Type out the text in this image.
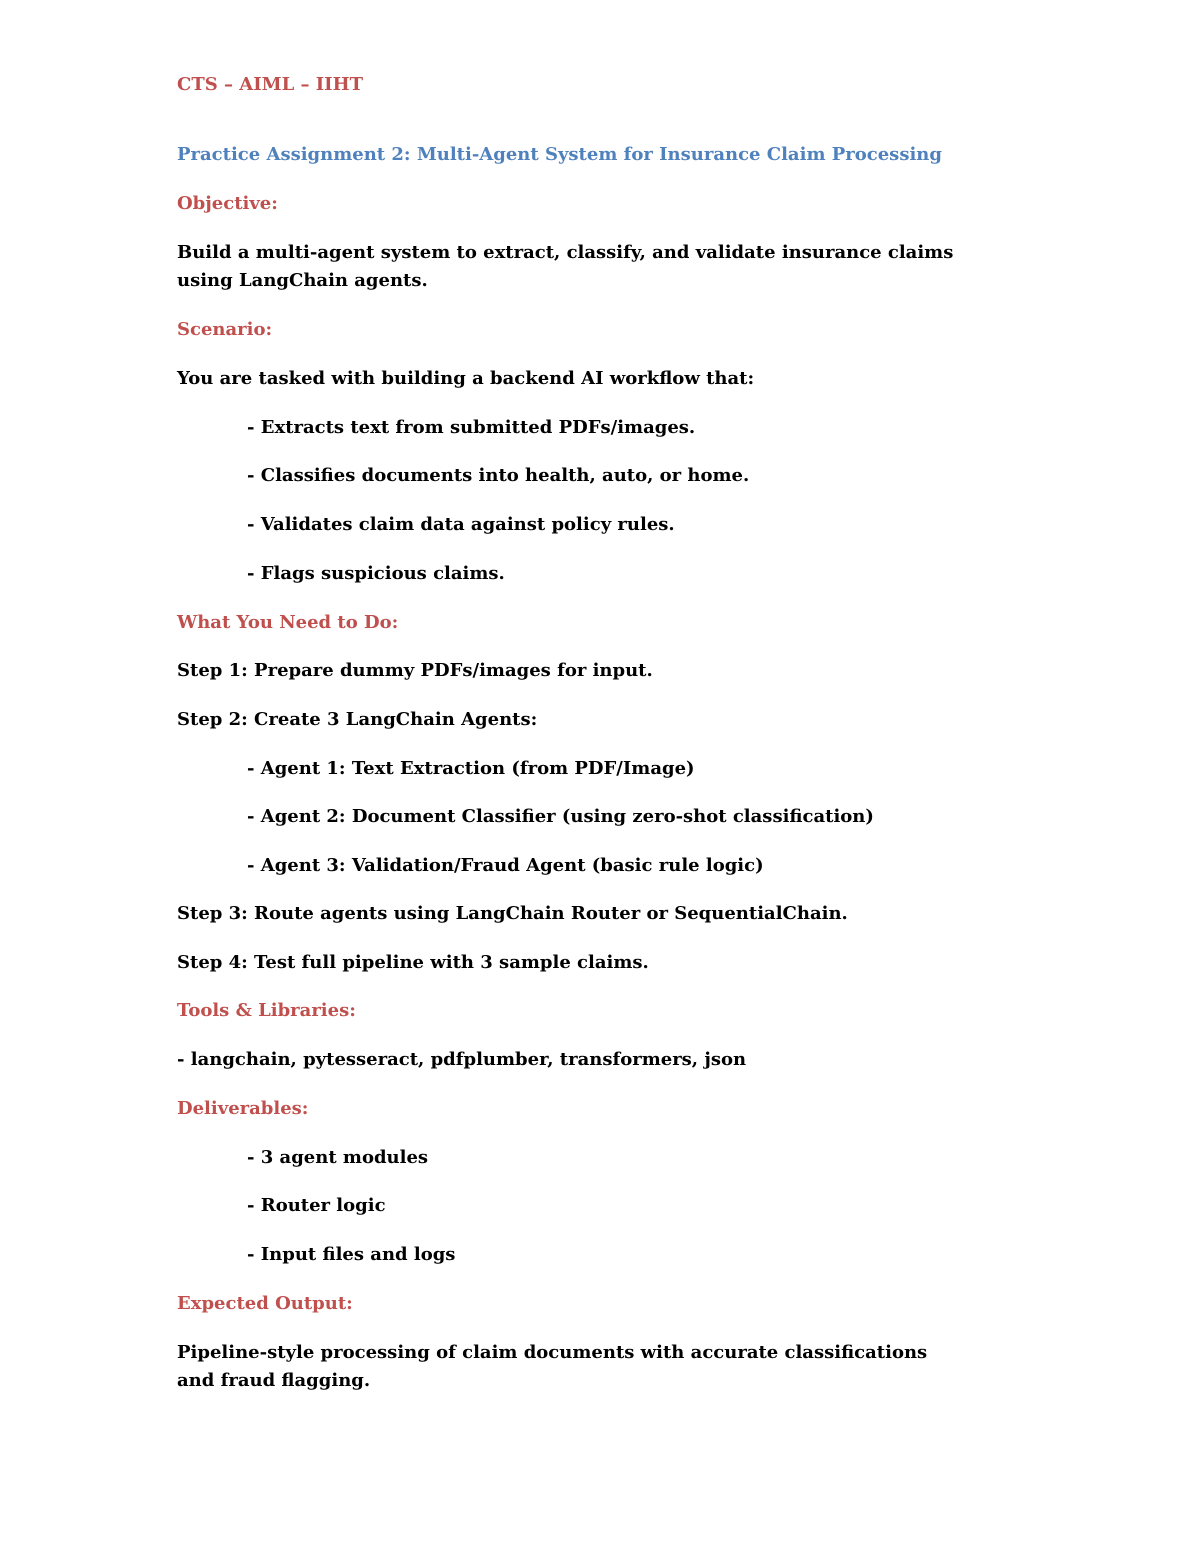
CTS – AIML – IIHT

Practice Assignment 2: Multi-Agent System for Insurance Claim Processing

Objective:

Build a multi-agent system to extract, classify, and validate insurance claims using LangChain agents.

Scenario:

You are tasked with building a backend AI workflow that:

- Extracts text from submitted PDFs/images.

- Classifies documents into health, auto, or home.

- Validates claim data against policy rules.

- Flags suspicious claims.

What You Need to Do:

Step 1: Prepare dummy PDFs/images for input.

Step 2: Create 3 LangChain Agents:

- Agent 1: Text Extraction (from PDF/Image)

- Agent 2: Document Classifier (using zero-shot classification)

- Agent 3: Validation/Fraud Agent (basic rule logic)

Step 3: Route agents using LangChain Router or SequentialChain.

Step 4: Test full pipeline with 3 sample claims.

Tools & Libraries:

- langchain, pytesseract, pdfplumber, transformers, json

Deliverables:

- 3 agent modules

- Router logic

- Input files and logs

Expected Output:

Pipeline-style processing of claim documents with accurate classifications and fraud flagging.
